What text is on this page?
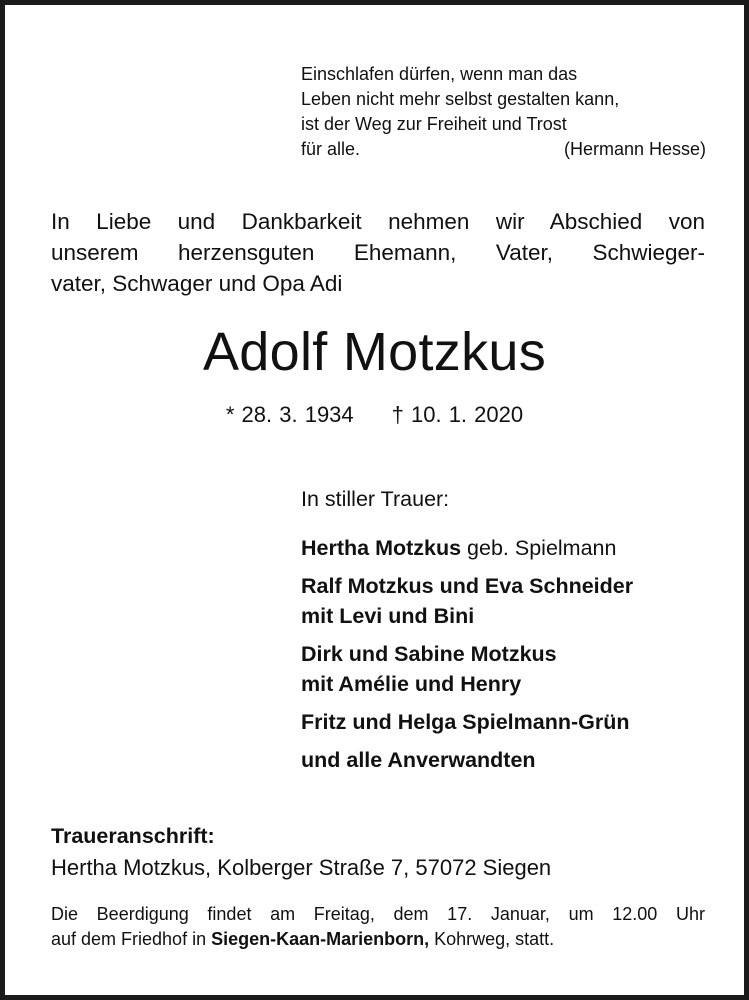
Einschlafen dürfen, wenn man das
Leben nicht mehr selbst gestalten kann,
ist der Weg zur Freiheit und Trost
für alle.	(Hermann Hesse)
In Liebe und Dankbarkeit nehmen wir Abschied von
unserem herzensguten Ehemann, Vater, Schwieger-
vater, Schwager und Opa Adi
Adolf Motzkus
* 28. 3. 1934 † 10. 1. 2020
In stiller Trauer:
Hertha Motzkus geb. Spielmann
Ralf Motzkus und Eva Schneider
mit Levi und Bini
Dirk und Sabine Motzkus
mit Amélie und Henry
Fritz und Helga Spielmann-Grün
und alle Anverwandten
Traueranschrift:
Hertha Motzkus, Kolberger Straße 7, 57072 Siegen
Die Beerdigung findet am Freitag, dem 17. Januar, um 12.00 Uhr
auf dem Friedhof in Siegen-Kaan-Marienborn, Kohrweg, statt.
